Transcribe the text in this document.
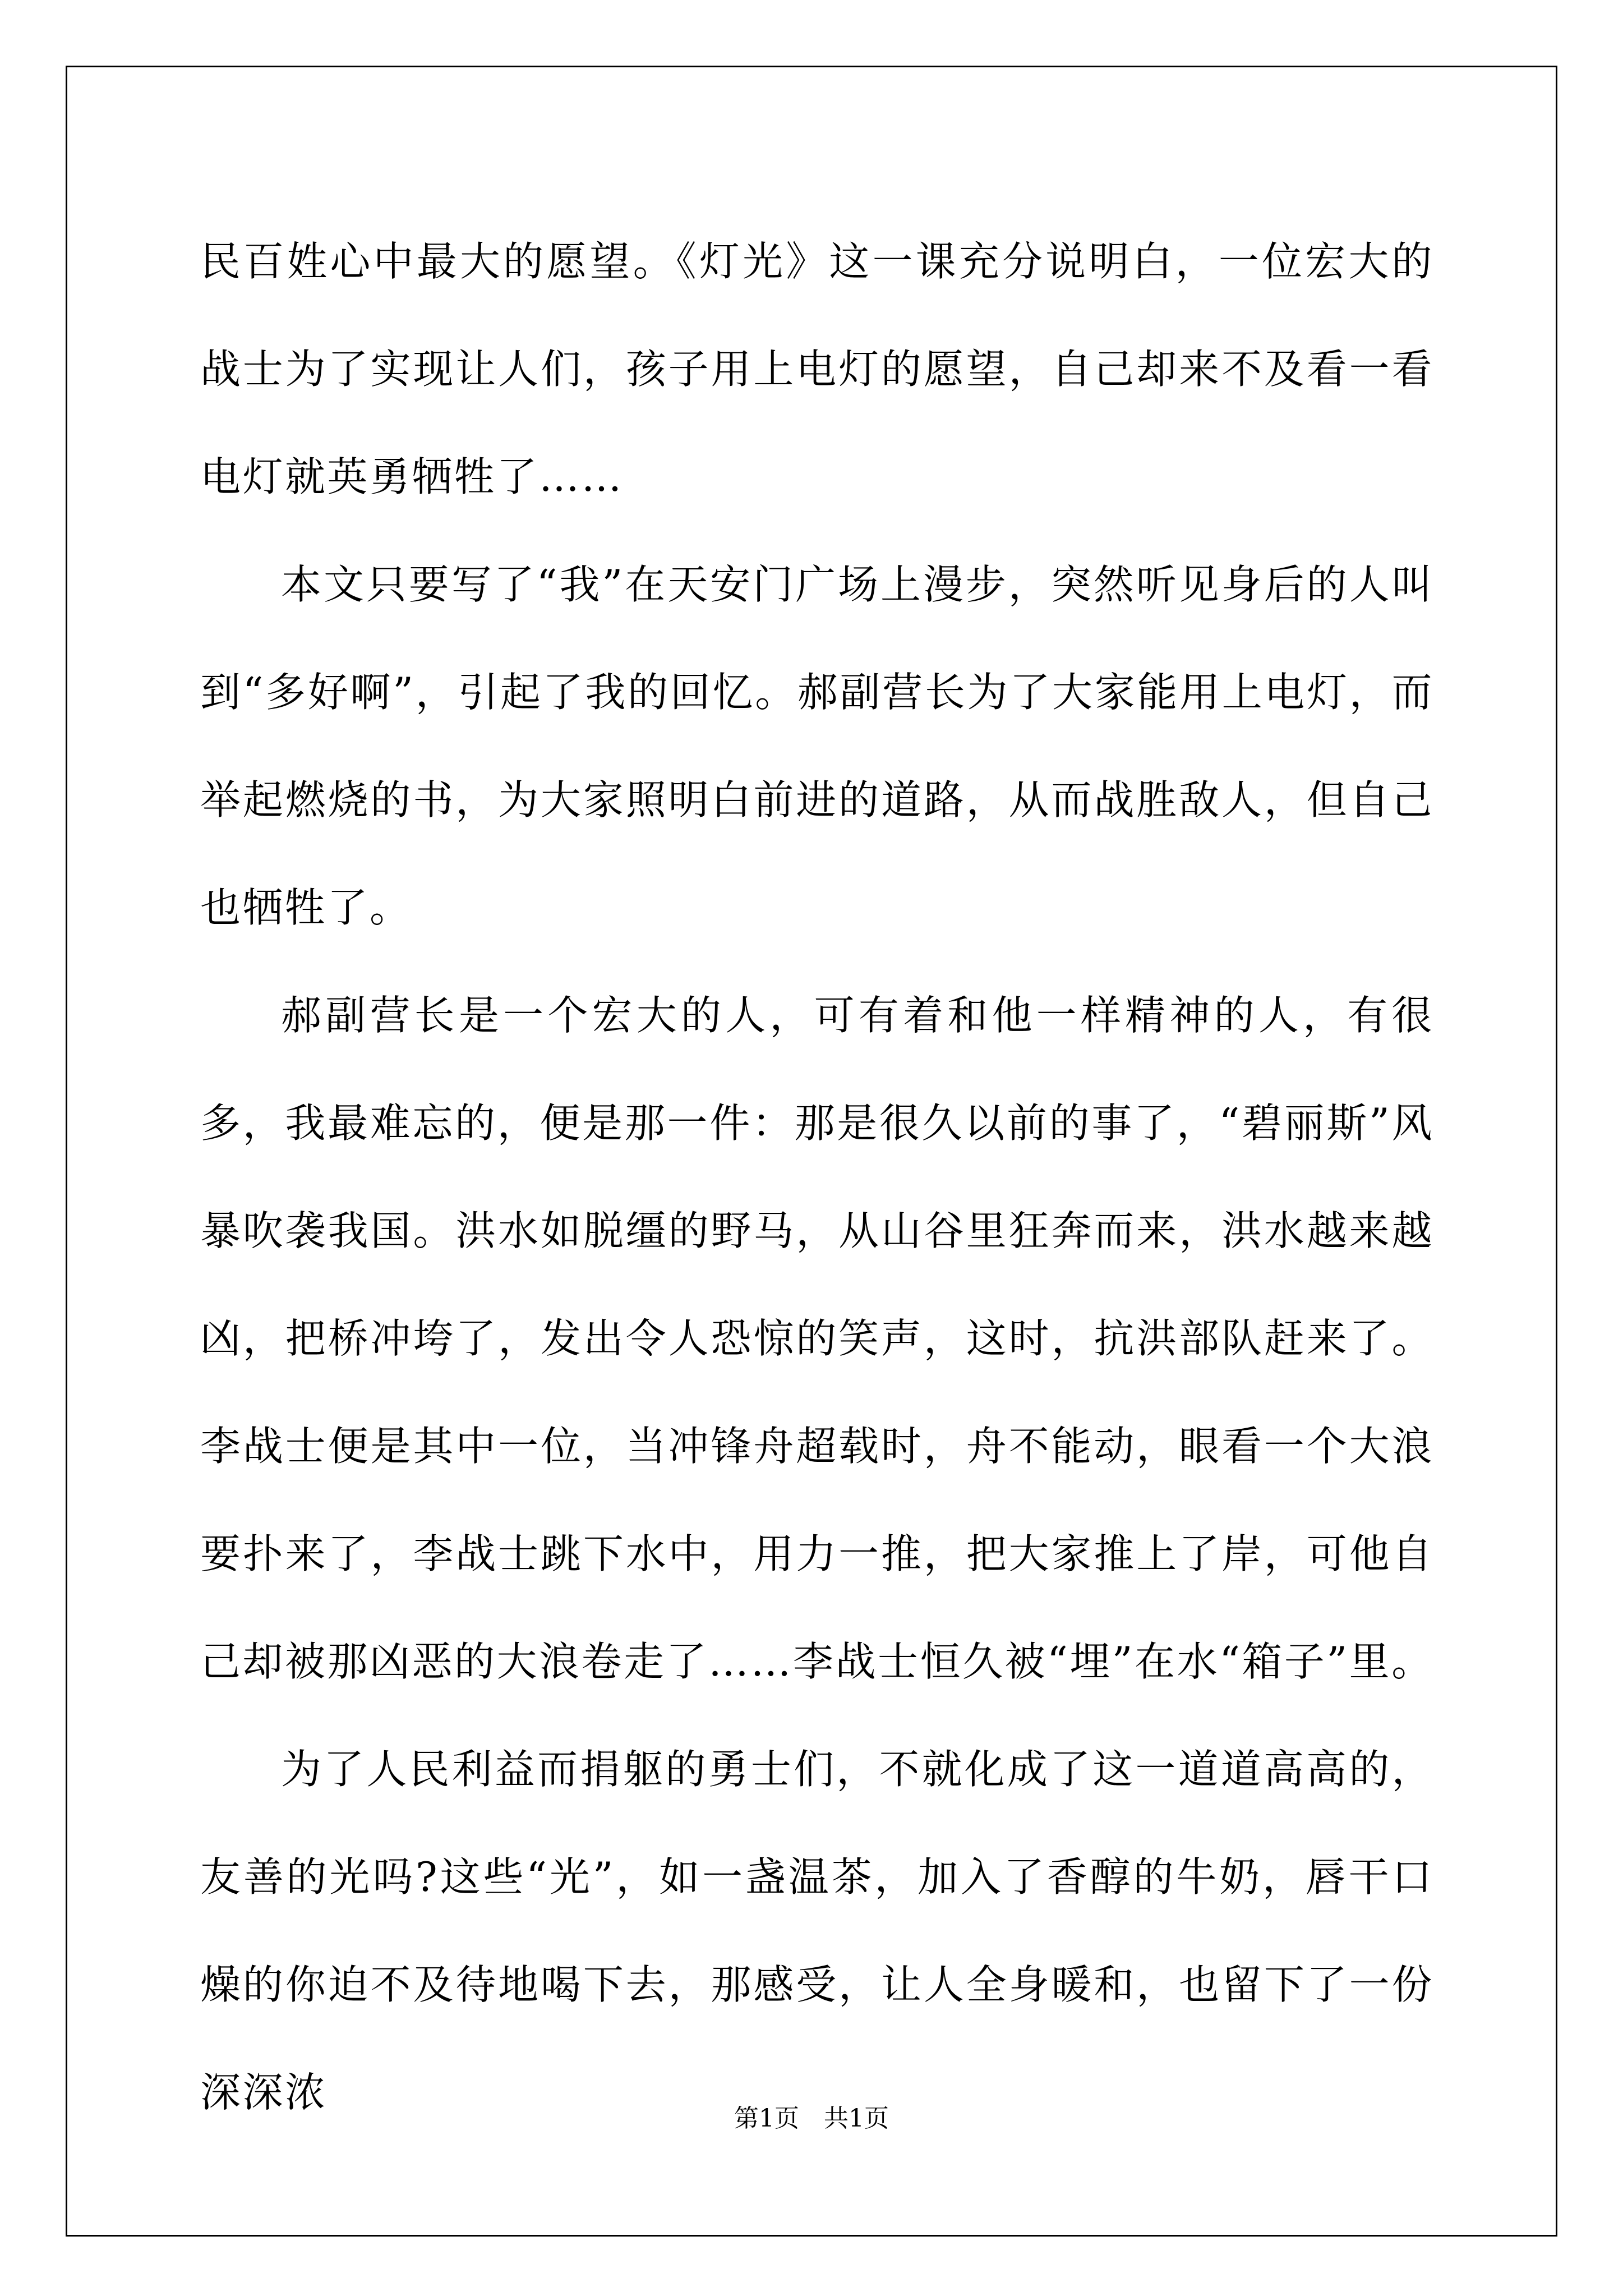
民百姓心中最大的愿望。《灯光》这一课充分说明白，一位宏大的战士为了实现让人们，孩子用上电灯的愿望，自己却来不及看一看电灯就英勇牺牲了……

本文只要写了“我”在天安门广场上漫步，突然听见身后的人叫到“多好啊”，引起了我的回忆。郝副营长为了大家能用上电灯，而举起燃烧的书，为大家照明白前进的道路，从而战胜敌人，但自己也牺牲了。

郝副营长是一个宏大的人，可有着和他一样精神的人，有很多，我最难忘的，便是那一件：那是很久以前的事了，“碧丽斯”风暴吹袭我国。洪水如脱缰的野马，从山谷里狂奔而来，洪水越来越凶，把桥冲垮了，发出令人恐惊的笑声，这时，抗洪部队赶来了。李战士便是其中一位，当冲锋舟超载时，舟不能动，眼看一个大浪要扑来了，李战士跳下水中，用力一推，把大家推上了岸，可他自己却被那凶恶的大浪卷走了……李战士恒久被“埋”在水“箱子”里。

为了人民利益而捐躯的勇士们，不就化成了这一道道高高的，友善的光吗?这些“光”，如一盏温茶，加入了香醇的牛奶，唇干口燥的你迫不及待地喝下去，那感受，让人全身暖和，也留下了一份深深浓

第1页 共1页
